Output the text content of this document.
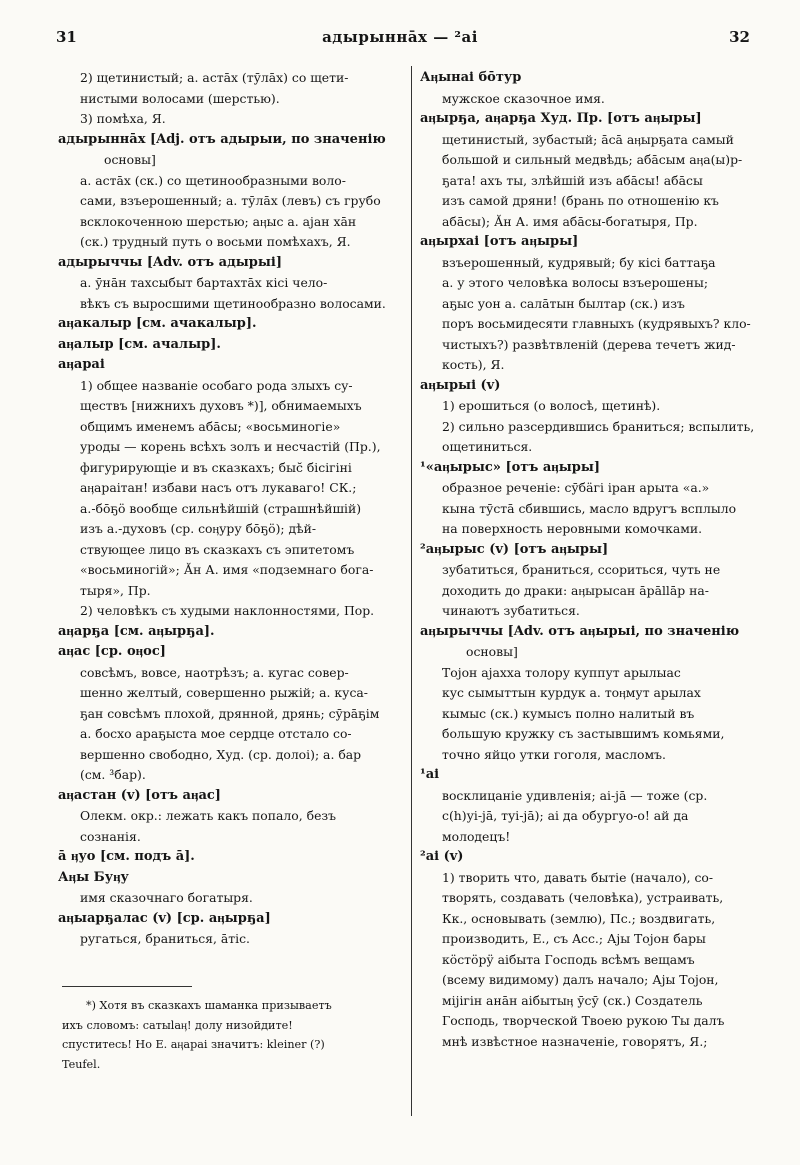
31	адырыннāх — ²аі	32
2) щетинистый; а. астāх (тӯлāх) со щети-
нистыми волосами (шерстью).
3) помѣха, Я.
адырыннāх [Adj. отъ адырыи, по значенію
основы]
а. астāх (ск.) со щетинообразными воло-
сами, взъерошенный; а. тӯлāх (левъ) съ грубо
всклокоченною шерстью; аӊыс а. аjан хāн
(ск.) трудный путь о восьми помѣхахъ, Я.
адырыччы [Adv. отъ адырыі]
а. ӯнāн тахсыбыт бартахтāх кісі чело-
вѣкъ съ выросшими щетинообразно волосами.
аӊакалыр [см. ачакалыр].
аӊалыр [см. ачалыр].
аӊараі
1) общее названіе особаго рода злыхъ су-
ществъ [нижнихъ духовъ *)], обнимаемыхъ
общимъ именемъ абāсы; «восьминогіе»
уроды — корень всѣхъ золъ и несчастій (Пр.),
фигурирующіе и въ сказкахъ; быс̆ бісігіні
аӊараітан! избави насъ отъ лукаваго! СК.;
а.-бōҕӧ вообще сильнѣйшій (страшнѣйшій)
изъ а.-духовъ (ср. соӊуру бōҕӧ); дѣй-
ствующее лицо въ сказкахъ съ эпитетомъ
«восьминогій»; Ӑн А. имя «подземнаго бога-
тыря», Пр.
2) человѣкъ съ худыми наклонностями, Пор.
аӊарҕа [см. аӊырҕа].
аӊас [ср. оӊос]
совсѣмъ, вовсе, наотрѣзъ; а. кугас совер-
шенно желтый, совершенно рыжій; а. куса-
ҕан совсѣмъ плохой, дрянной, дрянь; сӯрāҕім
а. босхо араҕыста мое сердце отстало со-
вершенно свободно, Худ. (ср. долоі); а. бар
(см. ³бар).
аӊастан (v) [отъ аӊас]
Олекм. окр.: лежать какъ попало, безъ
сознанія.
ā ӊуо [см. подъ ā].
Аӊы Буӊу
имя сказочнаго богатыря.
аӊыарҕалас (v) [ср. аӊырҕа]
ругаться, браниться, āтіс.
*) Хотя въ сказкахъ шаманка призываетъ
ихъ словомъ: сатыlаӊ! долу низойдите!
спуститесь! Но Е. аӊараі значитъ: kleiner (?)
Teufel.
Аӊынаі бōтур
мужское сказочное имя.
аӊырҕа, аӊарҕа Худ. Пр. [отъ аӊыры]
щетинистый, зубастый; āсā аӊырҕата самый
большой и сильный медвѣдь; абāсым аӊа(ы)р-
ҕата! ахъ ты, злѣйшій изъ абāсы! абāсы
изъ самой дряни! (брань по отношенію къ
абāсы); Ӑн А. имя абāсы-богатыря, Пр.
аӊырхаі [отъ аӊыры]
взъерошенный, кудрявый; бу кісі баттаҕа
а. у этого человѣка волосы взъерошены;
аҕыс уон а. салāтын былтар (ск.) изъ
поръ восьмидесяти главныхъ (кудрявыхъ? кло-
чистыхъ?) развѣтвленій (дерева течетъ жид-
кость), Я.
аӊырыі (v)
1) ерошиться (о волосѣ, щетинѣ).
2) сильно разсердившись браниться; вспылить,
ощетиниться.
¹«аӊырыс» [отъ аӊыры]
образное реченіе: сӯбӓгі іран арыта «а.»
кына тӯстā сбившись, масло вдругъ всплыло
на поверхность неровными комочками.
²аӊырыс (v) [отъ аӊыры]
зубатиться, браниться, ссориться, чуть не
доходить до драки: аӊырысан āрāllāр на-
чинаютъ зубатиться.
аӊырыччы [Adv. отъ аӊырыі, по значенію
основы]
Тоjон аjахха толору куппут арылыас
кус сымыттын курдук а. тоӊмут арылах
кымыс (ск.) кумысъ полно налитый въ
большую кружку съ застывшимъ комьями,
точно яйцо утки гоголя, масломъ.
¹аі
восклицаніе удивленія; аі-jā — тоже (ср.
с(h)уі-jā, туі-jā); аі да обургуо-о! ай да
молодецъ!
²аі (v)
1) творить что, давать бытіе (начало), со-
творять, создавать (человѣка), устраивать,
Кк., основывать (землю), Пс.; воздвигать,
производить, Е., съ Acc.; Аjы Тоjон бары
кӧстӧрӱ аібыта Господь всѣмъ вещамъ
(всему видимому) далъ начало; Аjы Тоjон,
міjігін анāн аібытыӊ ӯсӯ (ск.) Создатель
Господь, творческой Твоею рукою Ты далъ
мнѣ извѣстное назначеніе, говорятъ, Я.;
